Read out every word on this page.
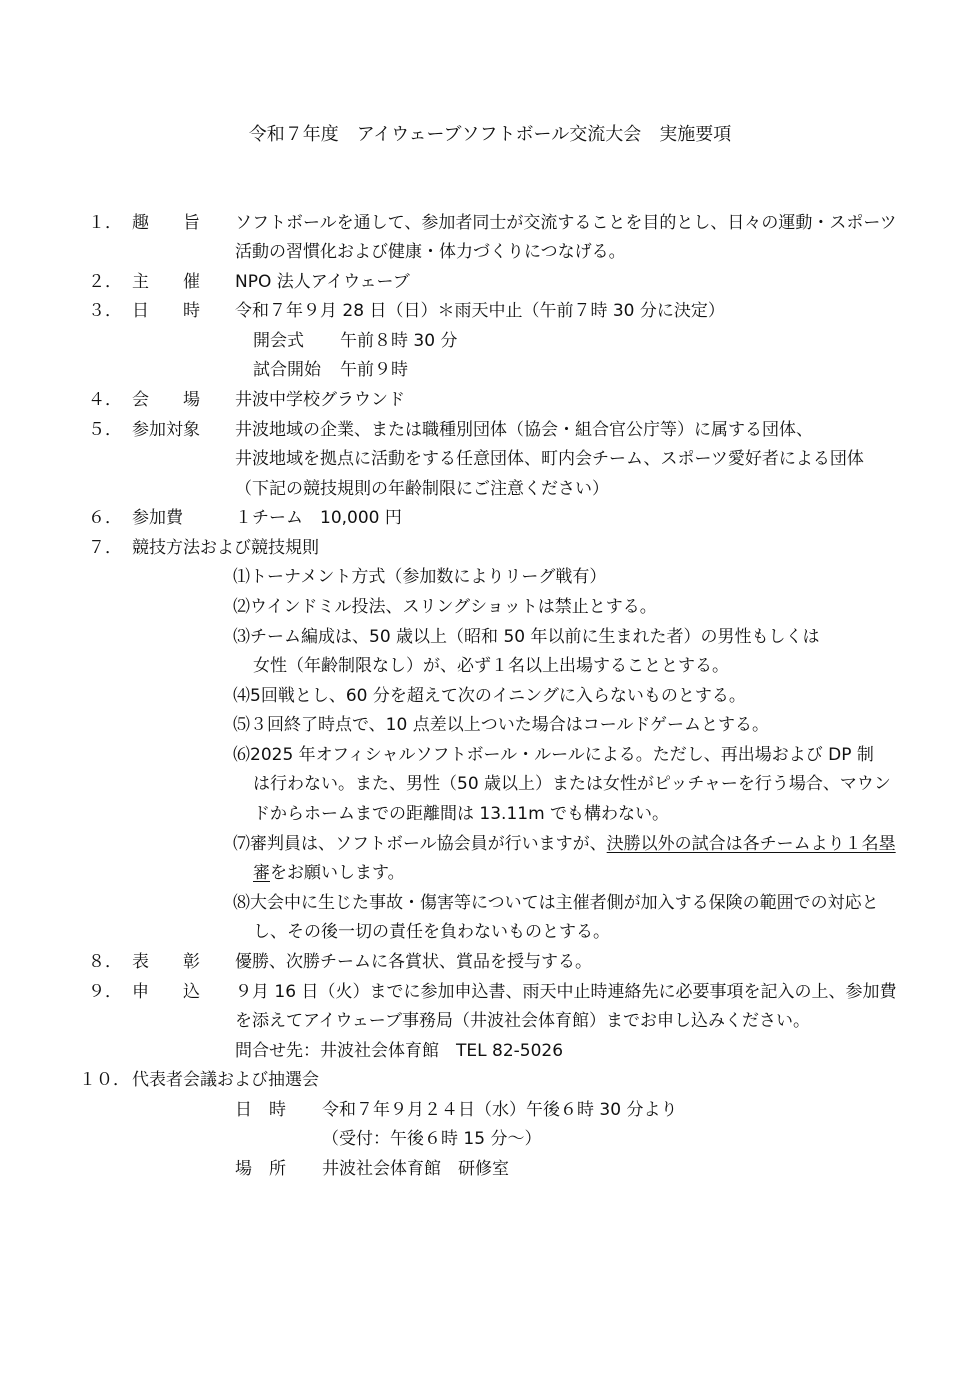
令和７年度　アイウェーブソフトボール交流大会　実施要項
１． 趣　　旨 ソフトボールを通して、参加者同士が交流することを目的とし、日々の運動・スポーツ
活動の習慣化および健康・体力づくりにつなげる。
２． 主　　催 NPO 法人アイウェーブ
３． 日　　時 令和７年９月 28 日（日）＊雨天中止（午前７時 30 分に決定）
開会式 午前８時 30 分
試合開始 午前９時
４． 会　　場 井波中学校グラウンド
５． 参加対象 井波地域の企業、または職種別団体（協会・組合官公庁等）に属する団体、
井波地域を拠点に活動をする任意団体、町内会チーム、スポーツ愛好者による団体
（下記の競技規則の年齢制限にご注意ください）
６． 参加費	１チーム　10,000 円
７． 競技方法および競技規則
⑴トーナメント方式（参加数によりリーグ戦有）
⑵ウインドミル投法、スリングショットは禁止とする。
⑶チーム編成は、50 歳以上（昭和 50 年以前に生まれた者）の男性もしくは
女性（年齢制限なし）が、必ず１名以上出場することとする。
⑷5回戦とし、60 分を超えて次のイニングに入らないものとする。
⑸３回終了時点で、10 点差以上ついた場合はコールドゲームとする。
⑹2025 年オフィシャルソフトボール・ルールによる。ただし、再出場および DP 制
は行わない。また、男性（50 歳以上）または女性がピッチャーを行う場合、マウン
ドからホームまでの距離間は 13.11m でも構わない。
⑺審判員は、ソフトボール協会員が行いますが、決勝以外の試合は各チームより１名塁
審をお願いします。
⑻大会中に生じた事故・傷害等については主催者側が加入する保険の範囲での対応と
し、その後一切の責任を負わないものとする。
８． 表　　彰 優勝、次勝チームに各賞状、賞品を授与する。
９． 申　　込 ９月 16 日（火）までに参加申込書、雨天中止時連絡先に必要事項を記入の上、参加費
を添えてアイウェーブ事務局（井波社会体育館）までお申し込みください。
問合せ先：井波社会体育館　TEL 82-5026
１０． 代表者会議および抽選会
日　時 令和７年９月２４日（水）午後６時 30 分より
（受付：午後６時 15 分～）
場　所 井波社会体育館　研修室
